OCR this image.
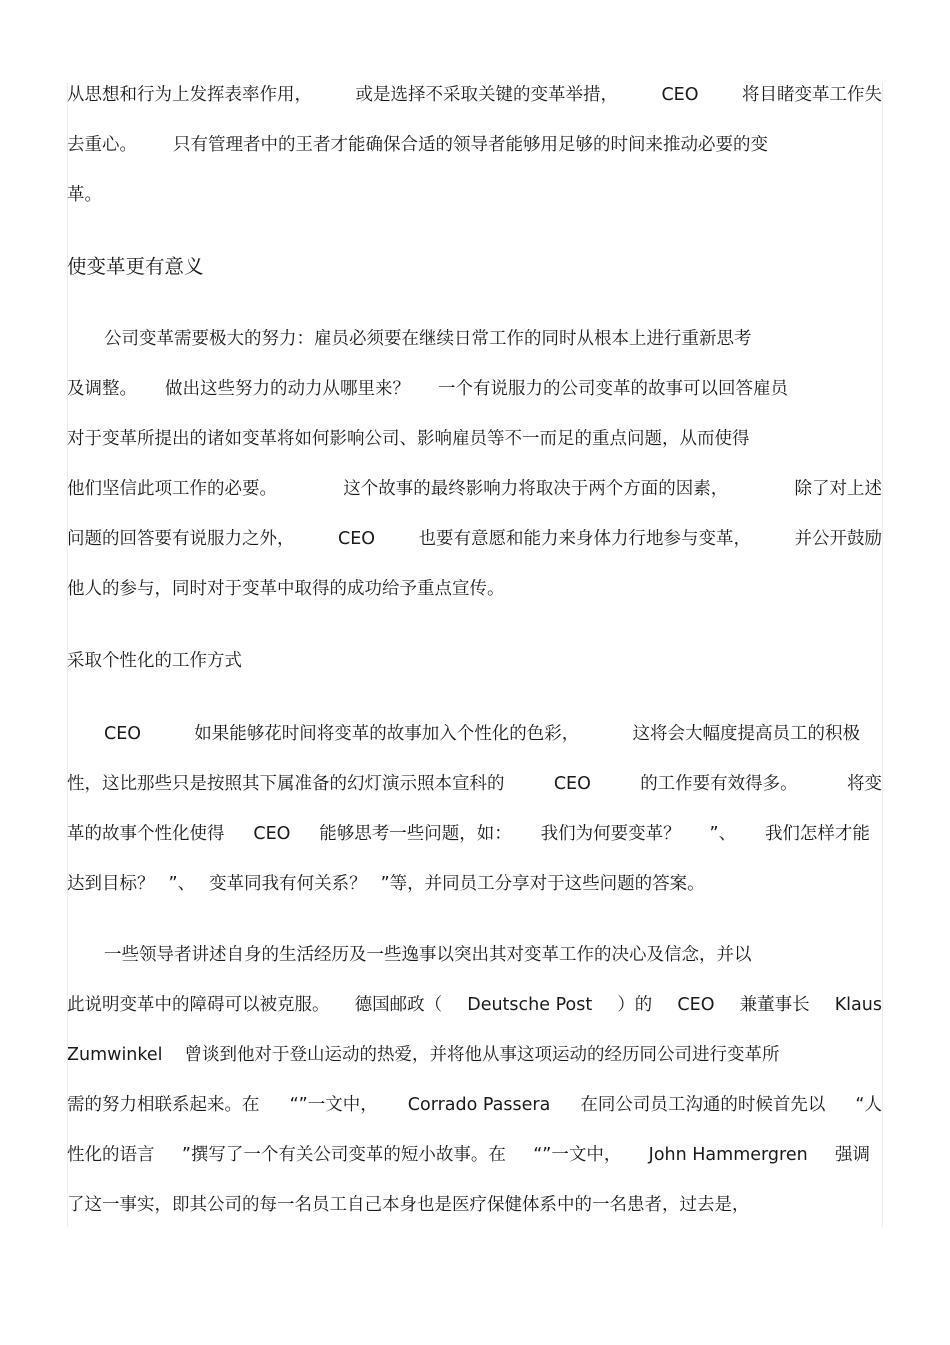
从思想和行为上发挥表率作用， 或是选择不采取关键的变革举措， CEO 将目睹变革工作失
去重心。 只有管理者中的王者才能确保合适的领导者能够用足够的时间来推动必要的变
革。
使变革更有意义
公司变革需要极大的努力：雇员必须要在继续日常工作的同时从根本上进行重新思考
及调整。 做出这些努力的动力从哪里来？ 一个有说服力的公司变革的故事可以回答雇员
对于变革所提出的诸如变革将如何影响公司、影响雇员等不一而足的重点问题，从而使得
他们坚信此项工作的必要。	这个故事的最终影响力将取决于两个方面的因素，	除了对上述
问题的回答要有说服力之外， CEO 也要有意愿和能力来身体力行地参与变革， 并公开鼓励
他人的参与，同时对于变革中取得的成功给予重点宣传。
采取个性化的工作方式
CEO	如果能够花时间将变革的故事加入个性化的色彩，	这将会大幅度提高员工的积极
性，这比那些只是按照其下属准备的幻灯演示照本宣科的	CEO	的工作要有效得多。	将变
革的故事个性化使得 CEO 能够思考一些问题，如： 我们为何要变革？ ”、 我们怎样才能
达到目标？ ”、 变革同我有何关系？ ”等，并同员工分享对于这些问题的答案。
一些领导者讲述自身的生活经历及一些逸事以突出其对变革工作的决心及信念，并以
此说明变革中的障碍可以被克服。 德国邮政（ Deutsche Post ）的 CEO 兼董事长 Klaus
Zumwinkel 曾谈到他对于登山运动的热爱，并将他从事这项运动的经历同公司进行变革所
需的努力相联系起来。在 “”一文中， Corrado Passera 在同公司员工沟通的时候首先以 “人
性化的语言 ”撰写了一个有关公司变革的短小故事。在 “”一文中， John Hammergren 强调
了这一事实，即其公司的每一名员工自己本身也是医疗保健体系中的一名患者，过去是，
